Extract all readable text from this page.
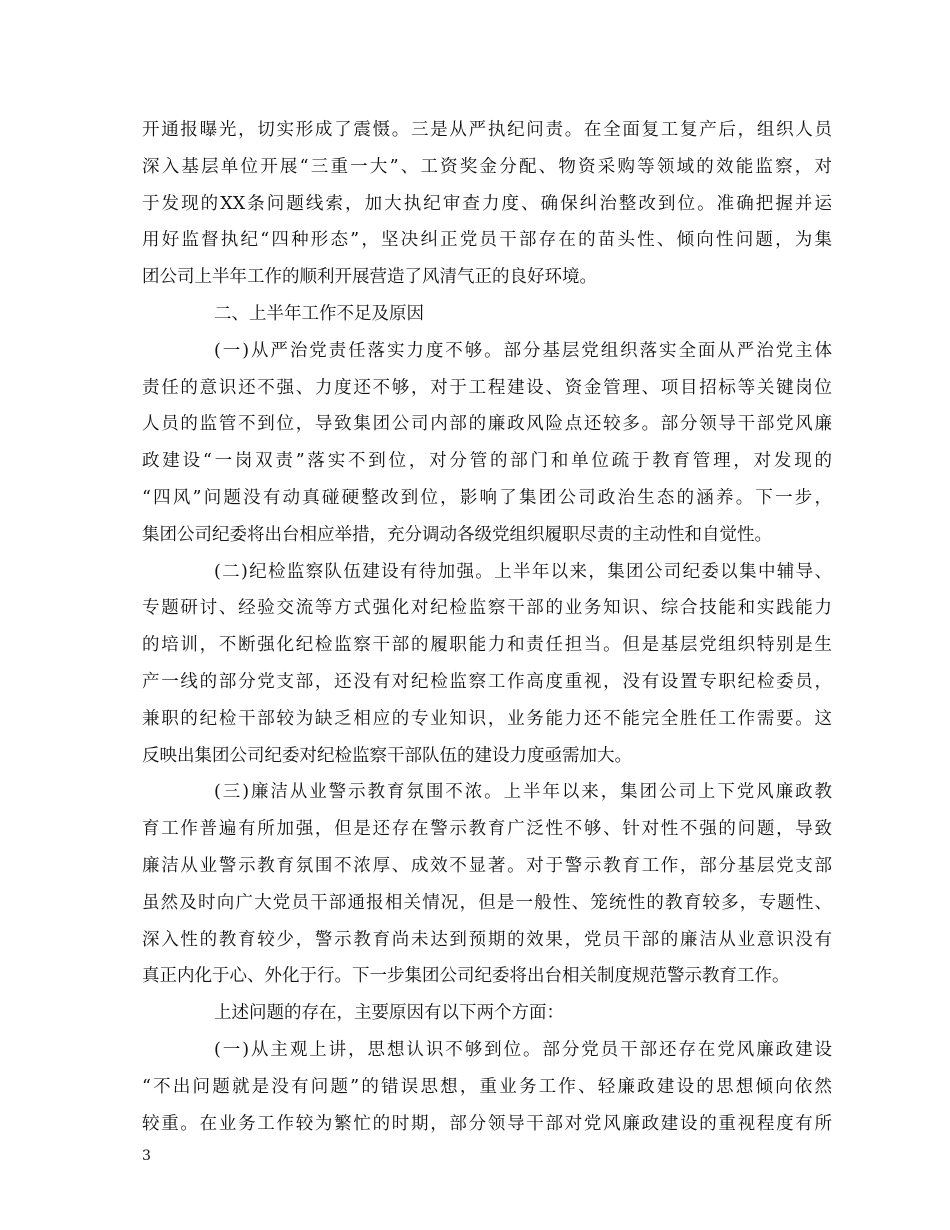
开通报曝光，切实形成了震慑。三是从严执纪问责。在全面复工复产后，组织人员
深入基层单位开展“三重一大”、工资奖金分配、物资采购等领域的效能监察，对
于发现的XX条问题线索，加大执纪审查力度、确保纠治整改到位。准确把握并运
用好监督执纪“四种形态”，坚决纠正党员干部存在的苗头性、倾向性问题，为集
团公司上半年工作的顺利开展营造了风清气正的良好环境。
二、上半年工作不足及原因
(一)从严治党责任落实力度不够。部分基层党组织落实全面从严治党主体
责任的意识还不强、力度还不够，对于工程建设、资金管理、项目招标等关键岗位
人员的监管不到位，导致集团公司内部的廉政风险点还较多。部分领导干部党风廉
政建设“一岗双责”落实不到位，对分管的部门和单位疏于教育管理，对发现的
“四风”问题没有动真碰硬整改到位，影响了集团公司政治生态的涵养。下一步，
集团公司纪委将出台相应举措，充分调动各级党组织履职尽责的主动性和自觉性。
(二)纪检监察队伍建设有待加强。上半年以来，集团公司纪委以集中辅导、
专题研讨、经验交流等方式强化对纪检监察干部的业务知识、综合技能和实践能力
的培训，不断强化纪检监察干部的履职能力和责任担当。但是基层党组织特别是生
产一线的部分党支部，还没有对纪检监察工作高度重视，没有设置专职纪检委员，
兼职的纪检干部较为缺乏相应的专业知识，业务能力还不能完全胜任工作需要。这
反映出集团公司纪委对纪检监察干部队伍的建设力度亟需加大。
(三)廉洁从业警示教育氛围不浓。上半年以来，集团公司上下党风廉政教
育工作普遍有所加强，但是还存在警示教育广泛性不够、针对性不强的问题，导致
廉洁从业警示教育氛围不浓厚、成效不显著。对于警示教育工作，部分基层党支部
虽然及时向广大党员干部通报相关情况，但是一般性、笼统性的教育较多，专题性、
深入性的教育较少，警示教育尚未达到预期的效果，党员干部的廉洁从业意识没有
真正内化于心、外化于行。下一步集团公司纪委将出台相关制度规范警示教育工作。
上述问题的存在，主要原因有以下两个方面：
(一)从主观上讲，思想认识不够到位。部分党员干部还存在党风廉政建设
“不出问题就是没有问题”的错误思想，重业务工作、轻廉政建设的思想倾向依然
较重。在业务工作较为繁忙的时期，部分领导干部对党风廉政建设的重视程度有所
3
